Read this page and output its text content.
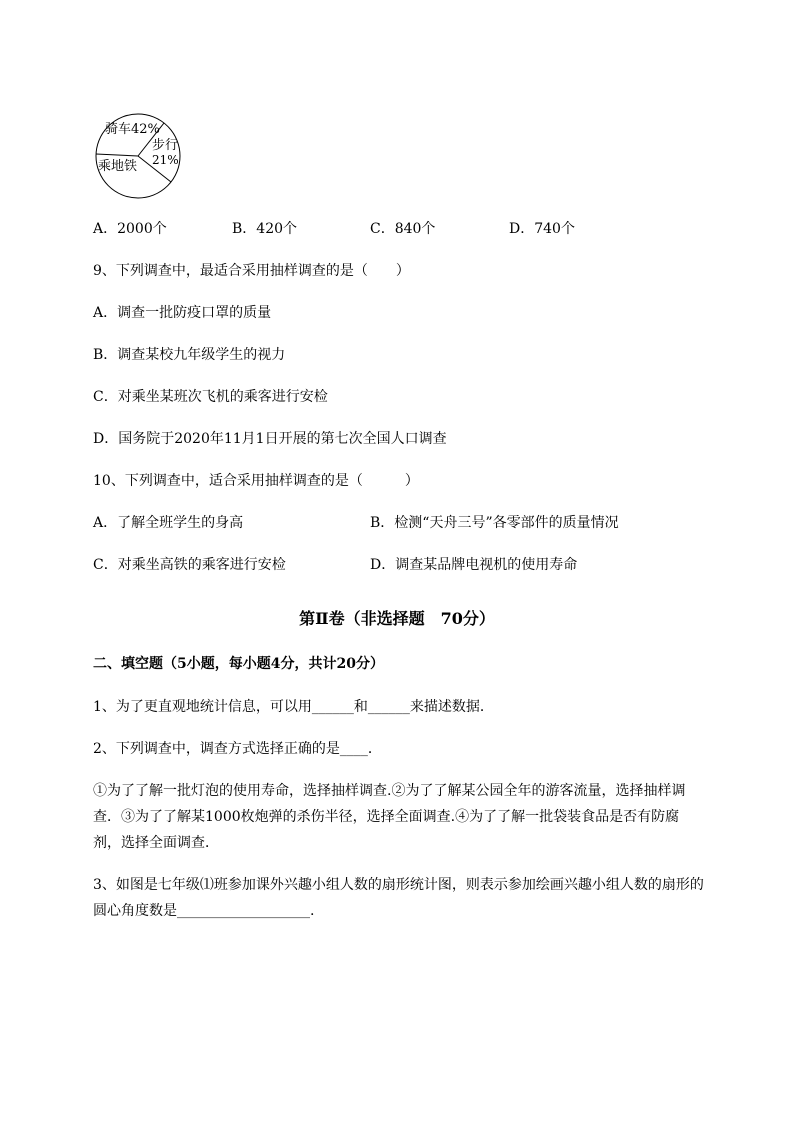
骑车42%
步行
21%
乘地铁
A．2000个	B．420个	C．840个	D．740个
9、下列调查中，最适合采用抽样调查的是（　　）
A．调查一批防疫口罩的质量
B．调查某校九年级学生的视力
C．对乘坐某班次飞机的乘客进行安检
D．国务院于2020年11月1日开展的第七次全国人口调查
10、下列调查中，适合采用抽样调查的是（　　　）
A．了解全班学生的身高	B．检测“天舟三号”各零部件的质量情况
C．对乘坐高铁的乘客进行安检	D．调查某品牌电视机的使用寿命
第Ⅱ卷（非选择题　70分）
二、填空题（5小题，每小题4分，共计20分）
1、为了更直观地统计信息，可以用______和______来描述数据．
2、下列调查中，调查方式选择正确的是____．
①为了了解一批灯泡的使用寿命，选择抽样调查.②为了了解某公园全年的游客流量，选择抽样调
查．③为了了解某1000枚炮弹的杀伤半径，选择全面调查.④为了了解一批袋装食品是否有防腐
剂，选择全面调查．
3、如图是七年级⑴班参加课外兴趣小组人数的扇形统计图，则表示参加绘画兴趣小组人数的扇形的
圆心角度数是___________________.
